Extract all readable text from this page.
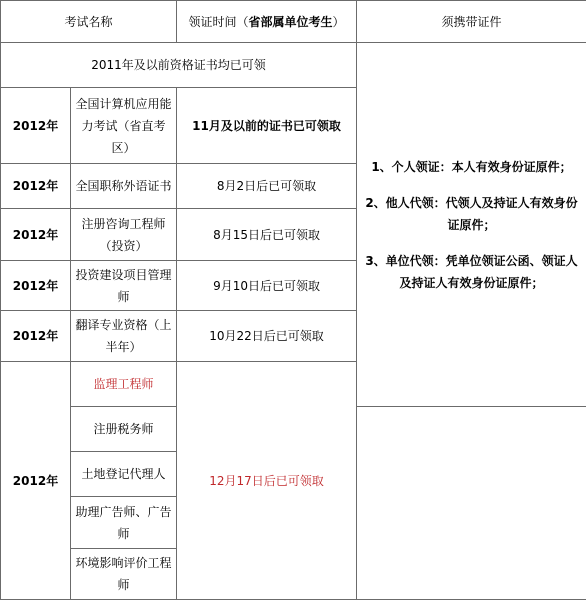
考试名称		领证时间（省部属单位考生）	须携带证件
2011年及以前资格证书均已可领			1、个人领证：本人有效身份证原件；
2、他人代领：代领人及持证人有效身份证原件；
3、单位代领：凭单位领证公函、领证人及持证人有效身份证原件；

2012年	全国计算机应用能力考试（省直考区）	11月及以前的证书已可领取	
2012年	全国职称外语证书	8月2日后已可领取	
2012年	注册咨询工程师（投资）	8月15日后已可领取	
2012年	投资建设项目管理师	9月10日后已可领取	
2012年	翻译专业资格（上半年）	10月22日后已可领取	
2012年	监理工程师	12月17日后已可领取	
	注册税务师		
	土地登记代理人		
	助理广告师、广告师		
	环境影响评价工程师		
